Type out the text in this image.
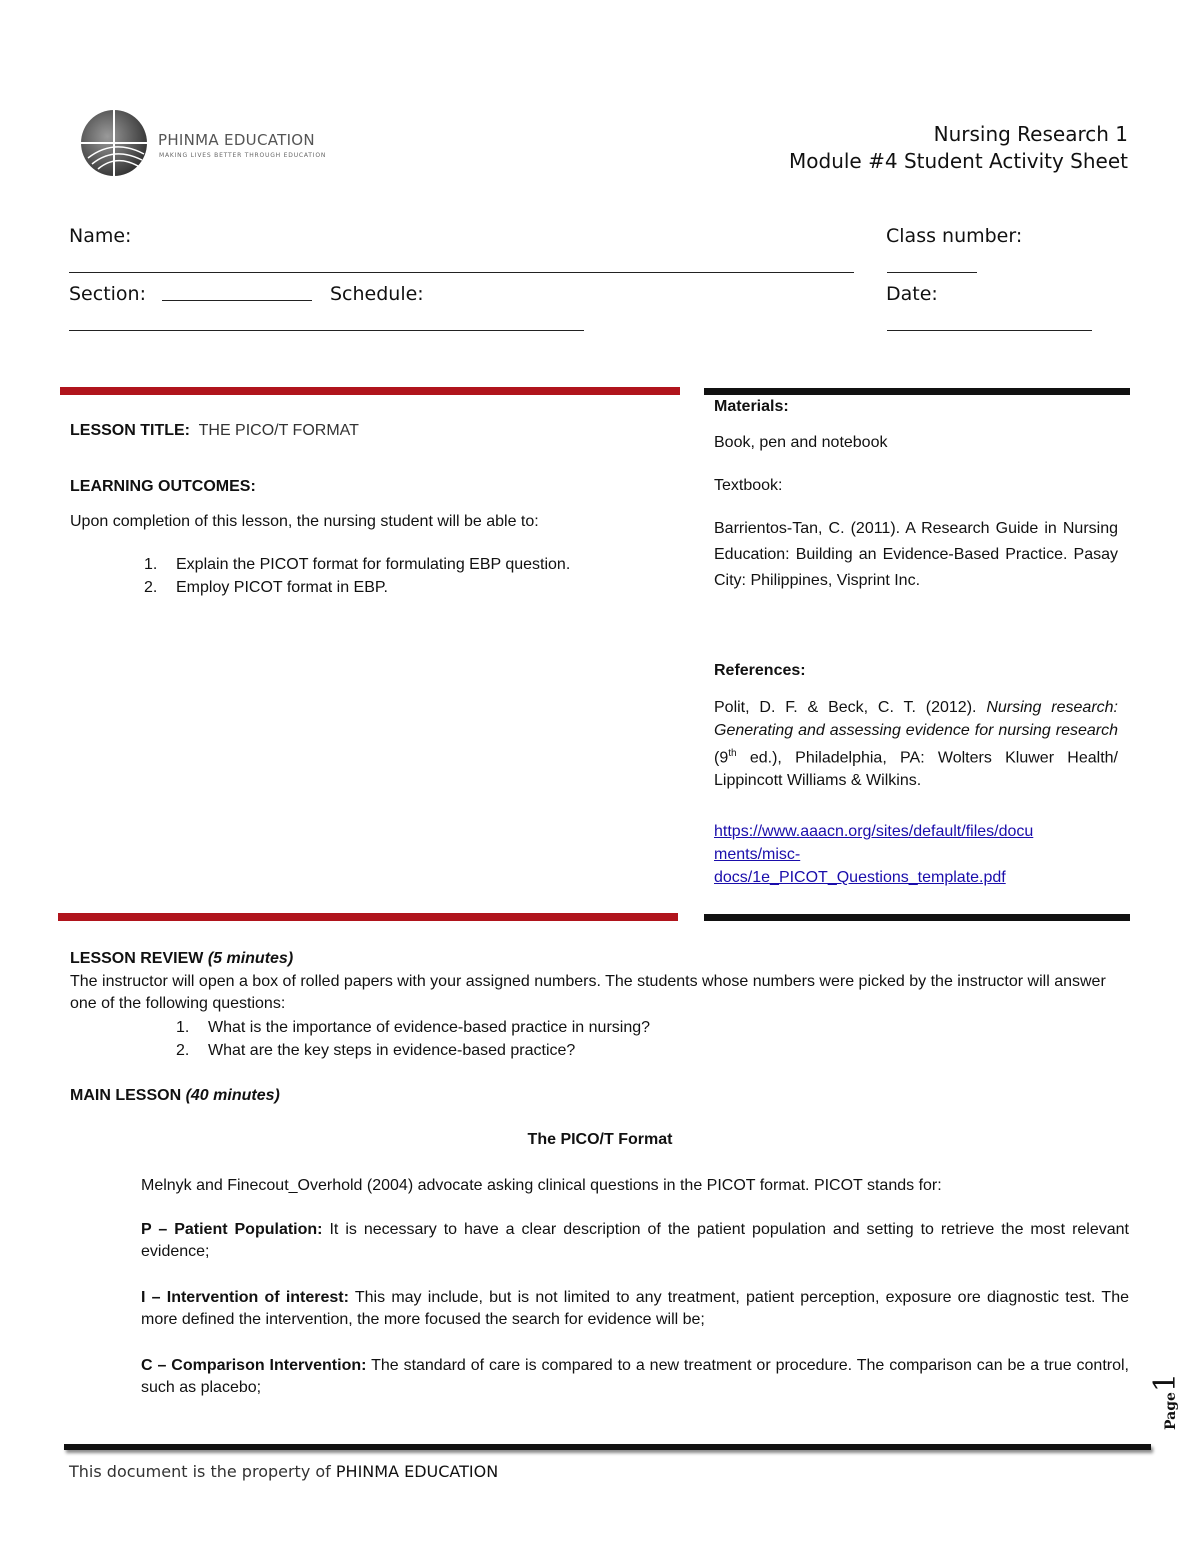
PHINMA EDUCATION
MAKING LIVES BETTER THROUGH EDUCATION
Nursing Research 1
Module #4 Student Activity Sheet
Name:	Class number:
Section:	Schedule:	Date:
LESSON TITLE: THE PICO/T FORMAT
LEARNING OUTCOMES:
Upon completion of this lesson, the nursing student will be able to:
1. Explain the PICOT format for formulating EBP question.
2. Employ PICOT format in EBP.
Materials:
Book, pen and notebook
Textbook:
Barrientos-Tan, C. (2011). A Research Guide in Nursing Education: Building an Evidence-Based Practice. Pasay City: Philippines, Visprint Inc.
References:
Polit, D. F. & Beck, C. T. (2012). Nursing research: Generating and assessing evidence for nursing research (9th ed.), Philadelphia, PA: Wolters Kluwer Health/ Lippincott Williams & Wilkins.
https://www.aaacn.org/sites/default/files/docu
ments/misc-
docs/1e_PICOT_Questions_template.pdf
LESSON REVIEW (5 minutes)
The instructor will open a box of rolled papers with your assigned numbers. The students whose numbers were picked by the instructor will answer one of the following questions:
1. What is the importance of evidence-based practice in nursing?
2. What are the key steps in evidence-based practice?
MAIN LESSON (40 minutes)
The PICO/T Format
Melnyk and Finecout_Overhold (2004) advocate asking clinical questions in the PICOT format. PICOT stands for:
P – Patient Population: It is necessary to have a clear description of the patient population and setting to retrieve the most relevant evidence;
I – Intervention of interest: This may include, but is not limited to any treatment, patient perception, exposure ore diagnostic test. The more defined the intervention, the more focused the search for evidence will be;
C – Comparison Intervention: The standard of care is compared to a new treatment or procedure. The comparison can be a true control, such as placebo;
Page1
This document is the property of PHINMA EDUCATION
